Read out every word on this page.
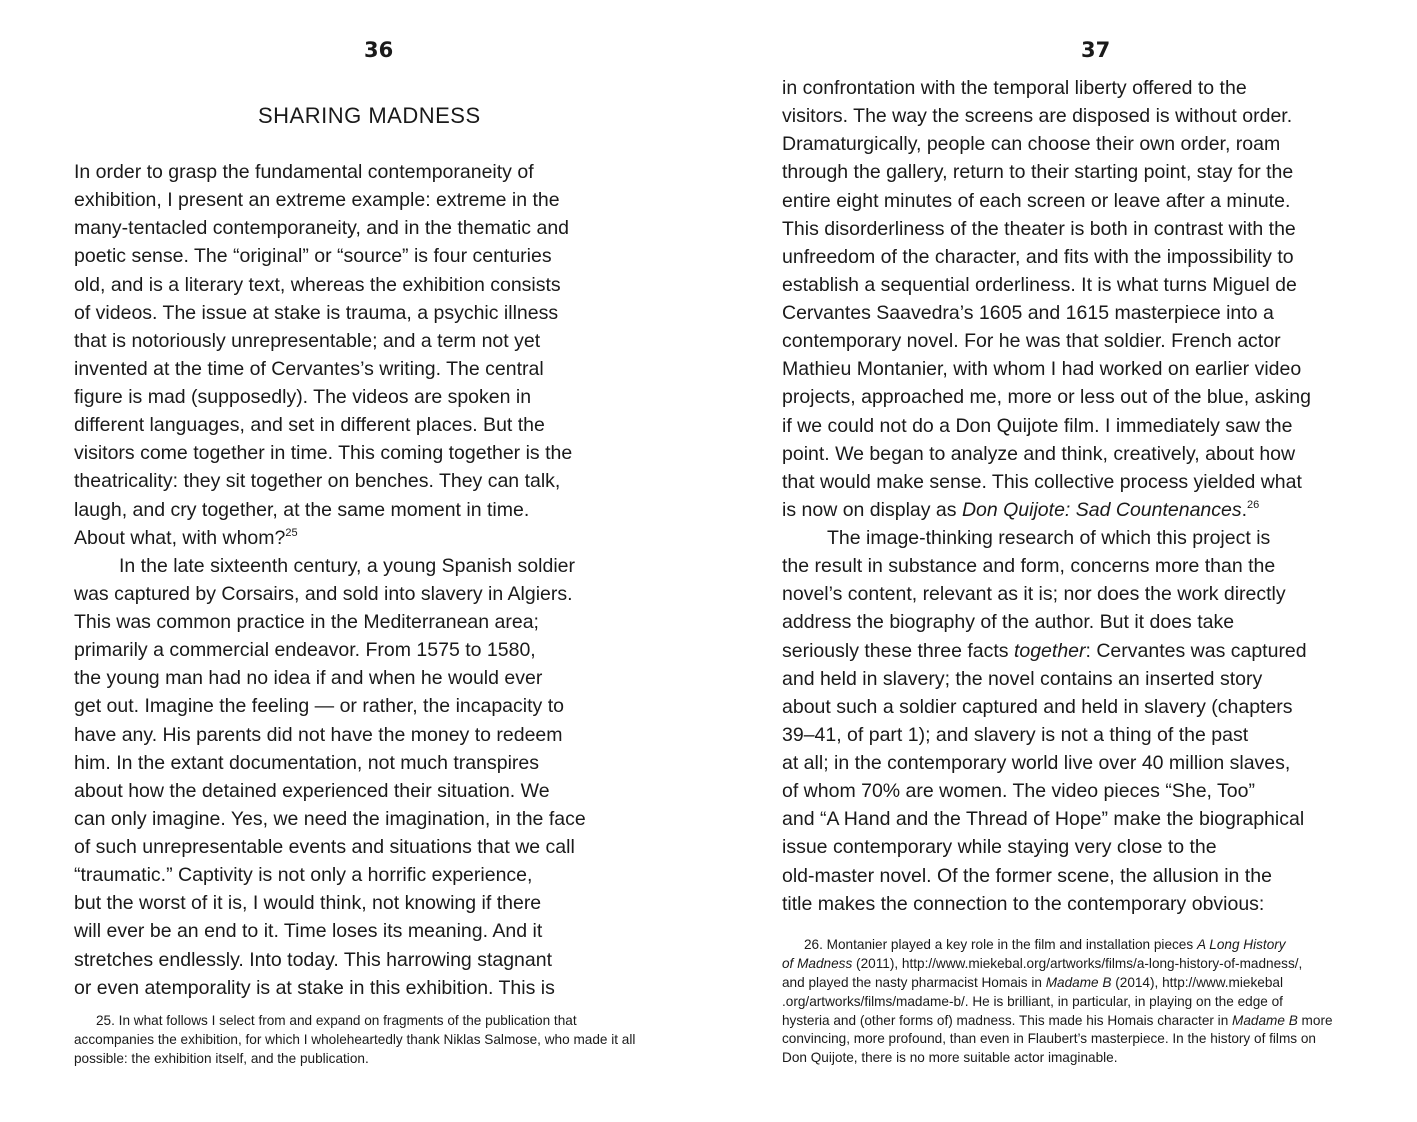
36
SHARING MADNESS
In order to grasp the fundamental contemporaneity of
exhibition, I present an extreme example: extreme in the
many-tentacled contemporaneity, and in the thematic and
poetic sense. The “original” or “source” is four centuries
old, and is a literary text, whereas the exhibition consists
of videos. The issue at stake is trauma, a psychic illness
that is notoriously unrepresentable; and a term not yet
invented at the time of Cervantes’s writing. The central
figure is mad (supposedly). The videos are spoken in
different languages, and set in different places. But the
visitors come together in time. This coming together is the
theatricality: they sit together on benches. They can talk,
laugh, and cry together, at the same moment in time.
About what, with whom?$^{25}$
In the late sixteenth century, a young Spanish soldier
was captured by Corsairs, and sold into slavery in Algiers.
This was common practice in the Mediterranean area;
primarily a commercial endeavor. From 1575 to 1580,
the young man had no idea if and when he would ever
get out. Imagine the feeling — or rather, the incapacity to
have any. His parents did not have the money to redeem
him. In the extant documentation, not much transpires
about how the detained experienced their situation. We
can only imagine. Yes, we need the imagination, in the face
of such unrepresentable events and situations that we call
“traumatic.” Captivity is not only a horrific experience,
but the worst of it is, I would think, not knowing if there
will ever be an end to it. Time loses its meaning. And it
stretches endlessly. Into today. This harrowing stagnant
or even atemporality is at stake in this exhibition. This is
25. In what follows I select from and expand on fragments of the publication that
accompanies the exhibition, for which I wholeheartedly thank Niklas Salmose, who made it all
possible: the exhibition itself, and the publication.
37
in confrontation with the temporal liberty offered to the
visitors. The way the screens are disposed is without order.
Dramaturgically, people can choose their own order, roam
through the gallery, return to their starting point, stay for the
entire eight minutes of each screen or leave after a minute.
This disorderliness of the theater is both in contrast with the
unfreedom of the character, and fits with the impossibility to
establish a sequential orderliness. It is what turns Miguel de
Cervantes Saavedra’s 1605 and 1615 masterpiece into a
contemporary novel. For he was that soldier. French actor
Mathieu Montanier, with whom I had worked on earlier video
projects, approached me, more or less out of the blue, asking
if we could not do a Don Quijote film. I immediately saw the
point. We began to analyze and think, creatively, about how
that would make sense. This collective process yielded what
is now on display as Don Quijote: Sad Countenances.$^{26}$
The image-thinking research of which this project is
the result in substance and form, concerns more than the
novel’s content, relevant as it is; nor does the work directly
address the biography of the author. But it does take
seriously these three facts together: Cervantes was captured
and held in slavery; the novel contains an inserted story
about such a soldier captured and held in slavery (chapters
39–41, of part 1); and slavery is not a thing of the past
at all; in the contemporary world live over 40 million slaves,
of whom 70% are women. The video pieces “She, Too”
and “A Hand and the Thread of Hope” make the biographical
issue contemporary while staying very close to the
old-master novel. Of the former scene, the allusion in the
title makes the connection to the contemporary obvious:
26. Montanier played a key role in the film and installation pieces A Long History
of Madness (2011), http://www.miekebal.org/artworks/films/a-long-history-of-madness/,
and played the nasty pharmacist Homais in Madame B (2014), http://www.miekebal
.org/artworks/films/madame-b/. He is brilliant, in particular, in playing on the edge of
hysteria and (other forms of) madness. This made his Homais character in Madame B more
convincing, more profound, than even in Flaubert’s masterpiece. In the history of films on
Don Quijote, there is no more suitable actor imaginable.
